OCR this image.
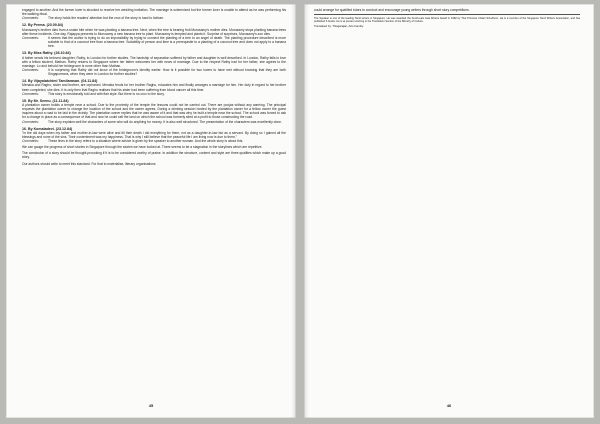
engaged to another. And the former lover is shocked to receive her wedding invitation. The marriage is solemnized but the former lover is unable to attend as he was performing his fire-walking ritual.

Comments:	The story holds the readers' attention but the crux of the story is hard to fathom.

12. By Prema. (23.09.84)

Murusamy's brother dies from a snake bite when he was planting a banana tree. Next, when the tree is bearing fruit Murusamy's mother dies. Murusamy stops planting banana trees after these incidents. One day, Rajappa presents to Murusamy a new banana tree to plant. Murusamy is tempted and plants it. Surprise of surprises, Murusamy's son dies.

Comments:	It seems that the author is trying to do an impossibility by trying to connect the planting of a tree to an angel of death. The planting procedure described is more suitable to that of a coconut tree than a banana tree. Suitability of person and time is a prerequisite to a planting of a coconut tree and does not apply to a banana tree.

13. By Miss Rathy. (28.10.84)

A father sends his beloved daughter, Rathy, to London for further studies. The hardship of separation suffered by father and daughter is well described. In London, Rathy falls in love with a fellow student, Mathan. Rathy returns to Singapore where her father welcomes her with news of marriage. Due to the respect Rathy had for her father, she agrees to the marriage. Lo and behold her bridegroom is none other than Mathan.

Comments:	It is surprising that Rathy did not know of the bridegroom's identity earlier. How is it possible for two lovers to have met without knowing that they are both Singaporeans, when they were in London for further studies?

14. By Vijayalatchimi Tamilarasan. (04.11.84)

Menaka and Raghu, sister and brother, are orphaned. Menaka fends for her brother Raghu, educates him and finally arranges a marriage for him. Her duty in regard to her brother been completed, she dies. It is only then that Raghu realises that his sister had been suffering from blood cancer all this time.

Comments:	This story is emotionally told and with flair style. But there is no crux to the story.

15. By Mr. Seenu. (11.11.84)

A plantation owner builds a temple near a school. Due to the proximity of the temple the lessons could not be carried out. There are poojas without any warning. The principal requests the plantation owner to change the location of the school and the owner agrees. During a drinking session hosted by the plantation owner for a fellow owner the guest inquires about a road to be laid in the vicinity. The plantation owner replies that he was aware of it and that was why he built a temple near the school. The school was forced to ask for a change in place as a consequence of that and now he could sell the land on which the school was formerly sited at a profit to those constructing the road.

Comments:	The story explains well the characters of some who will do anything for money. It is also well structured. The presentation of the characters was excellently done.

16. By Komaladevi. (23.12.84)

"In the old days when my father and mother-in-law were alive and till their death I did everything for them, not as a daughter-in-law but as a servant. By doing so I gained all the blessings and none of the sins. Their contentment was my happiness. That is why I still believe that the peaceful life I am living now is due to them."

Comments:	These lines in the story refers to a situation where advice is given by the speaker to another woman. And the whole story is about this.

We can gauge the progress of short stories in Singapore through the stories we have looked at. There seems to be a stagnation in the storylines which are repetitive.

The conclusion of a story should be thought-provoking if it is to be considered worthy of praise. In addition the structure, content and style are three qualities which make up a good story.

Our authors should write to meet this standard. For that to materialise, literary organisations

45

could arrange for qualified tutors to conduct and encourage young writers through short story competitions.

The Speaker is one of the leading Tamil writers in Singapore. He was awarded the South-east Asia Writers Award in 1982 by Thai Princess Chakri Sirindhorn. He is a member of the Singapore Tamil Writers Association, and has published 6 books. He is at present working in the Translation Section of the Ministry of Culture.

Translated by: Thiagarajan, Arts Faculty.

46
